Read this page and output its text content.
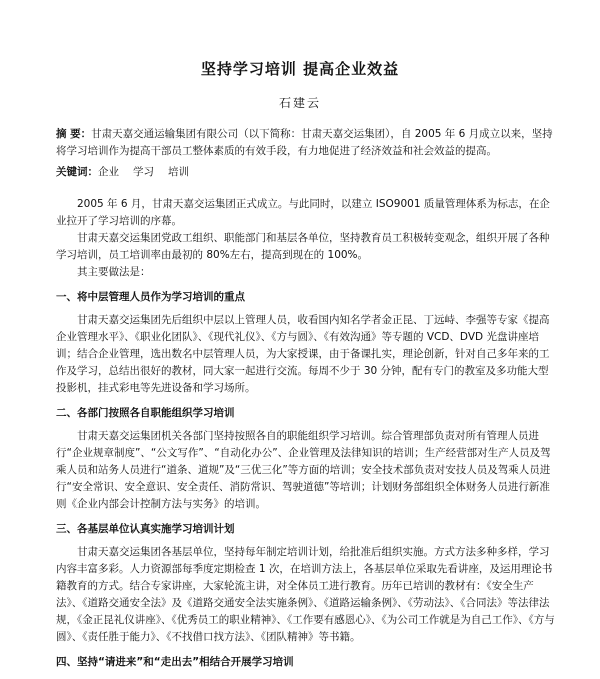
坚持学习培训 提高企业效益
石建云
摘 要：甘肃天嘉交通运输集团有限公司（以下简称：甘肃天嘉交运集团），自 2005 年 6 月成立以来，坚持将学习培训作为提高干部员工整体素质的有效手段，有力地促进了经济效益和社会效益的提高。
关键词：企业 学习 培训

2005 年 6 月，甘肃天嘉交运集团正式成立。与此同时，以建立 ISO9001 质量管理体系为标志，在企业拉开了学习培训的序幕。

甘肃天嘉交运集团党政工组织、职能部门和基层各单位，坚持教育员工积极转变观念，组织开展了各种学习培训，员工培训率由最初的 80%左右，提高到现在的 100%。

其主要做法是：

一、将中层管理人员作为学习培训的重点

甘肃天嘉交运集团先后组织中层以上管理人员，收看国内知名学者金正昆、丁远峙、李强等专家《提高企业管理水平》、《职业化团队》、《现代礼仪》、《方与圆》、《有效沟通》等专题的 VCD、DVD 光盘讲座培训；结合企业管理，选出数名中层管理人员，为大家授课，由于备课扎实，理论创新，针对自己多年来的工作及学习，总结出很好的教材，同大家一起进行交流。每周不少于 30 分钟，配有专门的教室及多功能大型投影机，挂式彩电等先进设备和学习场所。

二、各部门按照各自职能组织学习培训

甘肃天嘉交运集团机关各部门坚持按照各自的职能组织学习培训。综合管理部负责对所有管理人员进行“企业规章制度”、“公文写作”、“自动化办公”、企业管理及法律知识的培训；生产经营部对生产人员及驾乘人员和站务人员进行“道条、道规”及“三优三化”等方面的培训；安全技术部负责对安技人员及驾乘人员进行“安全常识、安全意识、安全责任、消防常识、驾驶道德”等培训；计划财务部组织全体财务人员进行新准则《企业内部会计控制方法与实务》的培训。

三、各基层单位认真实施学习培训计划

甘肃天嘉交运集团各基层单位，坚持每年制定培训计划，给批准后组织实施。方式方法多种多样，学习内容丰富多彩。人力资源部每季度定期检查 1 次，在培训方法上，各基层单位采取先看讲座，及运用理论书籍教育的方式。结合专家讲座，大家轮流主讲，对全体员工进行教育。历年已培训的教材有：《安全生产法》、《道路交通安全法》及《道路交通安全法实施条例》、《道路运输条例》、《劳动法》、《合同法》等法律法规，《金正昆礼仪讲座》、《优秀员工的职业精神》、《工作要有感恩心》、《为公司工作就是为自己工作》、《方与圆》、《责任胜于能力》、《不找借口找方法》、《团队精神》等书籍。

四、坚持“请进来”和“走出去”相结合开展学习培训
